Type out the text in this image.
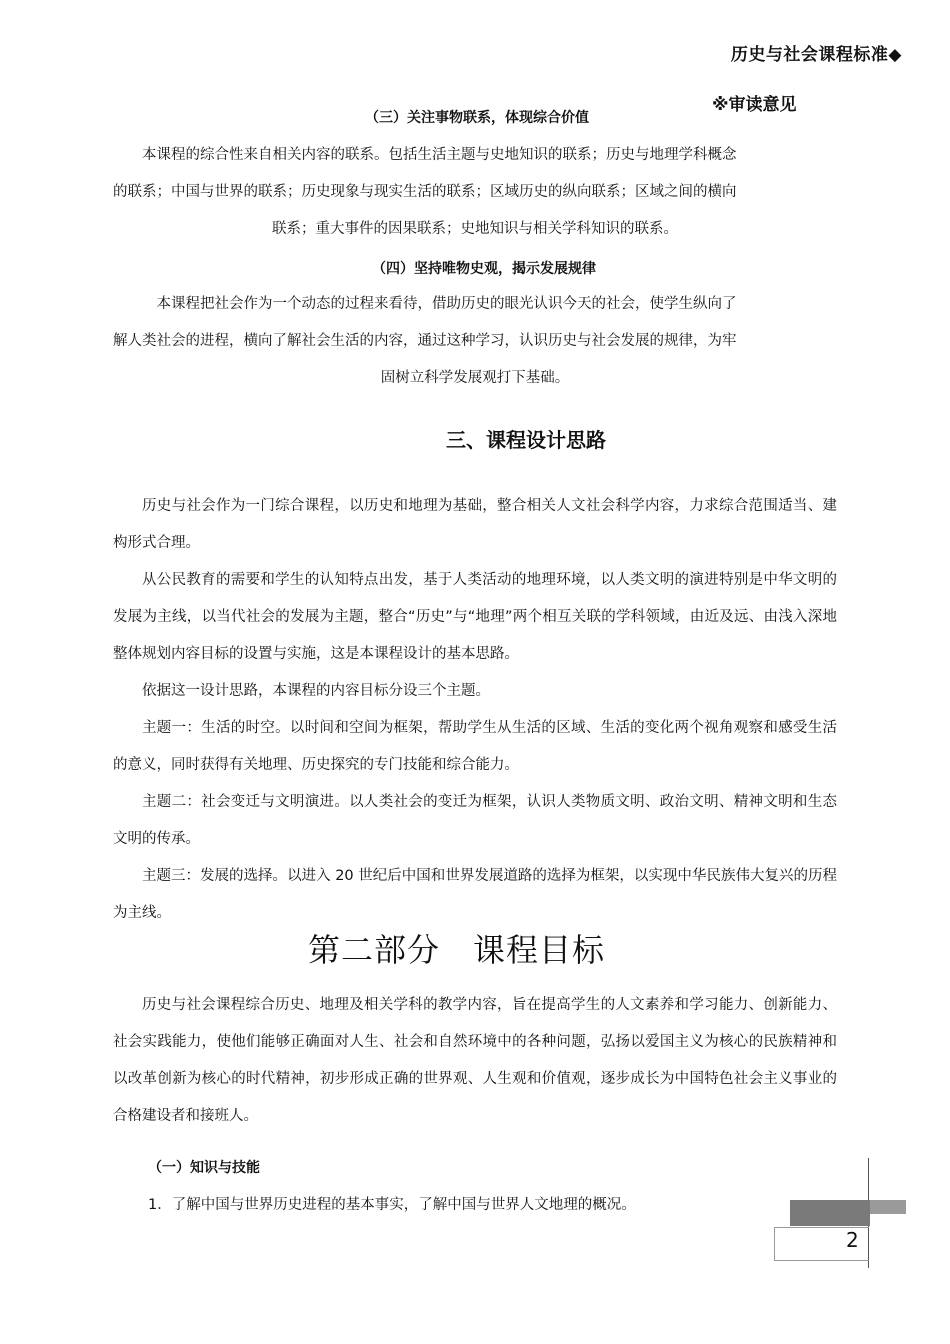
历史与社会课程标准◆
※审读意见
（三）关注事物联系，体现综合价值

本课程的综合性来自相关内容的联系。包括生活主题与史地知识的联系；历史与地理学科概念

的联系；中国与世界的联系；历史现象与现实生活的联系；区域历史的纵向联系；区域之间的横向

联系；重大事件的因果联系；史地知识与相关学科知识的联系。

（四）坚持唯物史观，揭示发展规律

本课程把社会作为一个动态的过程来看待，借助历史的眼光认识今天的社会，使学生纵向了

解人类社会的进程，横向了解社会生活的内容，通过这种学习，认识历史与社会发展的规律，为牢

固树立科学发展观打下基础。

三、课程设计思路

历史与社会作为一门综合课程，以历史和地理为基础，整合相关人文社会科学内容，力求综合范围适当、建构形式合理。

从公民教育的需要和学生的认知特点出发，基于人类活动的地理环境，以人类文明的演进特别是中华文明的发展为主线，以当代社会的发展为主题，整合“历史”与“地理”两个相互关联的学科领域，由近及远、由浅入深地整体规划内容目标的设置与实施，这是本课程设计的基本思路。

依据这一设计思路，本课程的内容目标分设三个主题。

主题一：生活的时空。以时间和空间为框架，帮助学生从生活的区域、生活的变化两个视角观察和感受生活的意义，同时获得有关地理、历史探究的专门技能和综合能力。

主题二：社会变迁与文明演进。以人类社会的变迁为框架，认识人类物质文明、政治文明、精神文明和生态文明的传承。

主题三：发展的选择。以进入 20 世纪后中国和世界发展道路的选择为框架，以实现中华民族伟大复兴的历程为主线。

第二部分　课程目标

历史与社会课程综合历史、地理及相关学科的教学内容，旨在提高学生的人文素养和学习能力、创新能力、社会实践能力，使他们能够正确面对人生、社会和自然环境中的各种问题，弘扬以爱国主义为核心的民族精神和以改革创新为核心的时代精神，初步形成正确的世界观、人生观和价值观，逐步成长为中国特色社会主义事业的合格建设者和接班人。

（一）知识与技能
1．了解中国与世界历史进程的基本事实，了解中国与世界人文地理的概况。
2
